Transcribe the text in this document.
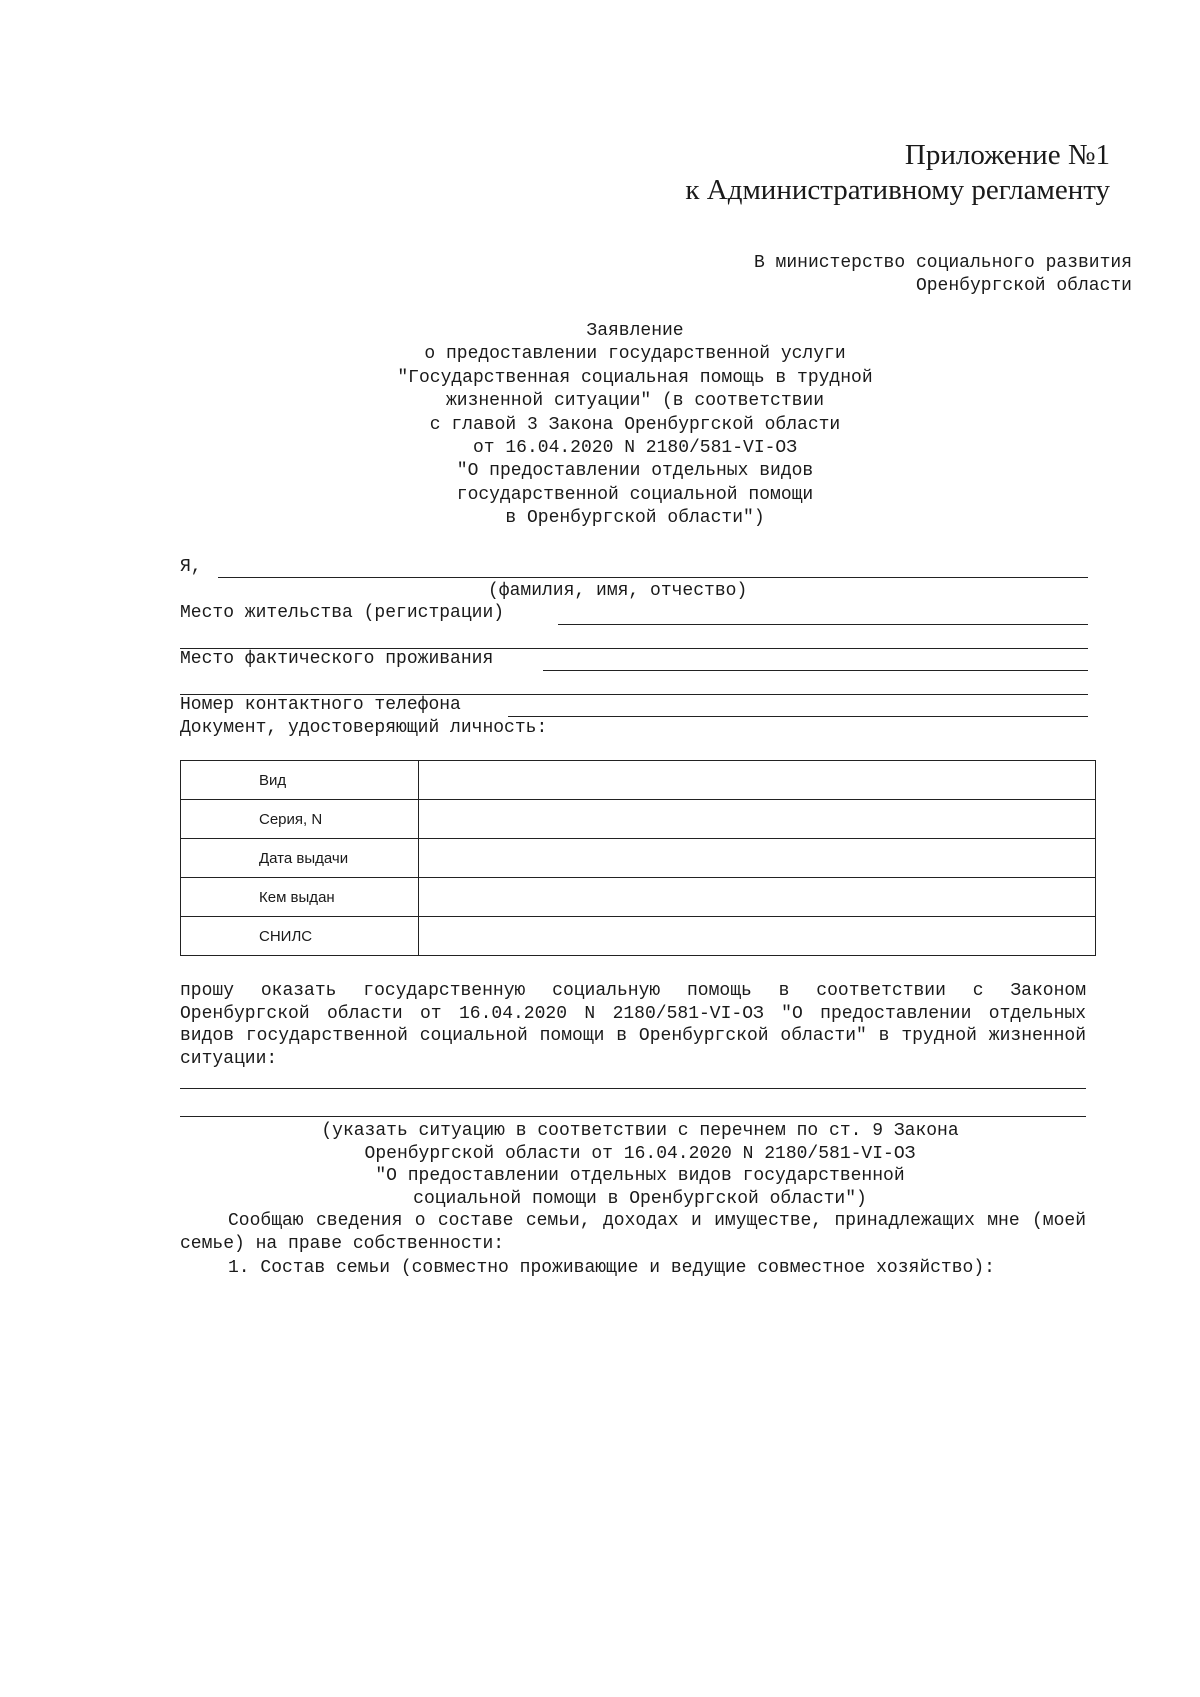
Приложение №1
к Административному регламенту
В министерство социального развития
Оренбургской области
Заявление
о предоставлении государственной услуги
"Государственная социальная помощь в трудной
жизненной ситуации" (в соответствии
с главой 3 Закона Оренбургской области
от 16.04.2020 N 2180/581-VI-ОЗ
"О предоставлении отдельных видов
государственной социальной помощи
в Оренбургской области")
Я,
(фамилия, имя, отчество)
Место жительства (регистрации)
Место фактического проживания
Номер контактного телефона
Документ, удостоверяющий личность:
Вид	
Серия, N	
Дата выдачи	
Кем выдан	
СНИЛС	
прошу оказать государственную социальную помощь в соответствии с Законом Оренбургской области от 16.04.2020 N 2180/581-VI-ОЗ "О предоставлении отдельных видов государственной социальной помощи в Оренбургской области" в трудной жизненной ситуации:
(указать ситуацию в соответствии с перечнем по ст. 9 Закона
Оренбургской области от 16.04.2020 N 2180/581-VI-ОЗ
"О предоставлении отдельных видов государственной
социальной помощи в Оренбургской области")
Сообщаю сведения о составе семьи, доходах и имуществе, принадлежащих мне (моей семье) на праве собственности:
1. Состав семьи (совместно проживающие и ведущие совместное хозяйство):
